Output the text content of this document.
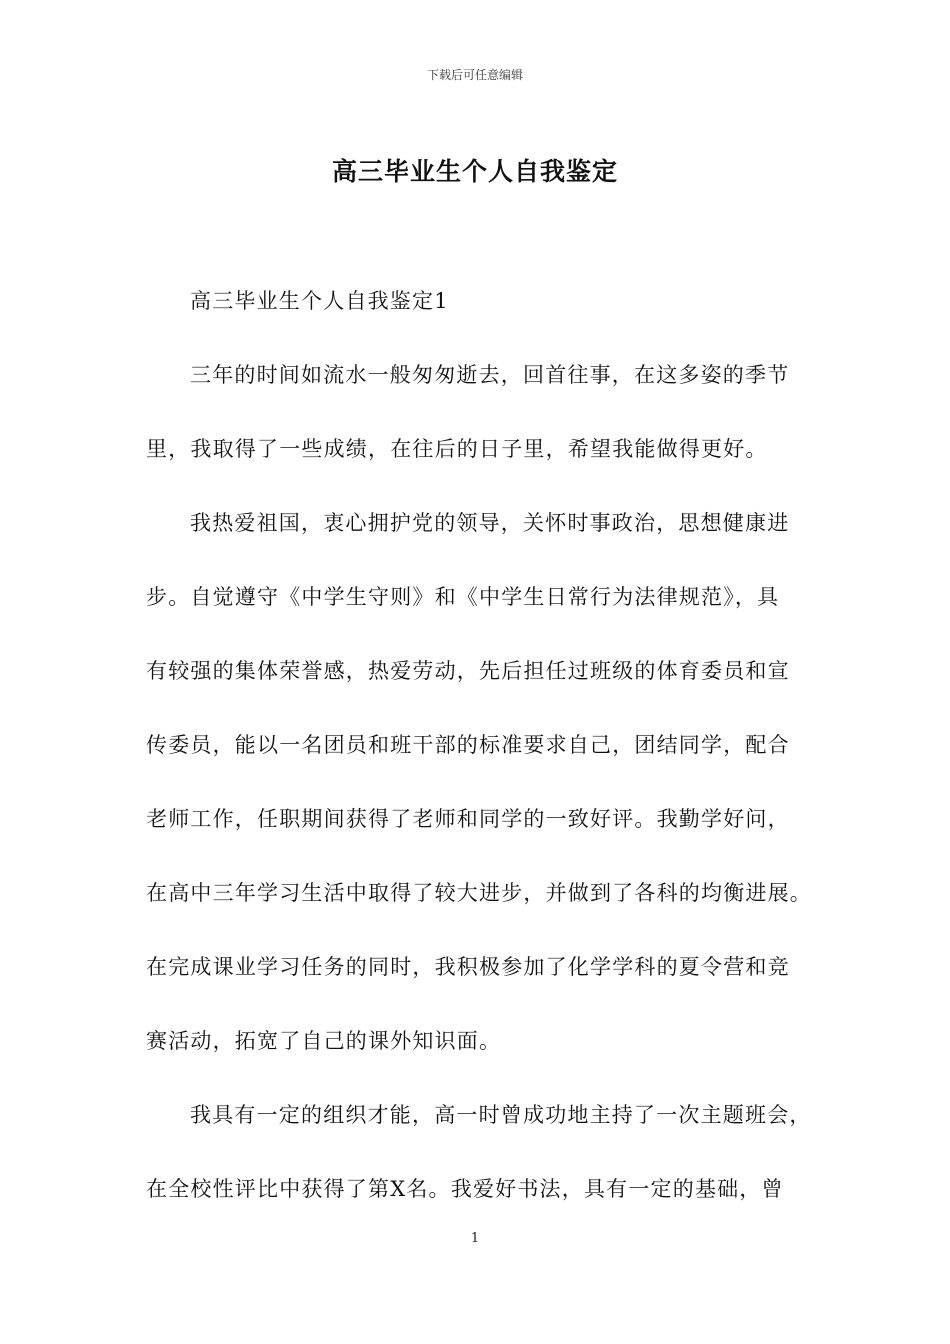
下载后可任意编辑
高三毕业生个人自我鉴定
高三毕业生个人自我鉴定1
三年的时间如流水一般匆匆逝去，回首往事，在这多姿的季节
里，我取得了一些成绩，在往后的日子里，希望我能做得更好。
我热爱祖国，衷心拥护党的领导，关怀时事政治，思想健康进
步。自觉遵守《中学生守则》和《中学生日常行为法律规范》，具
有较强的集体荣誉感，热爱劳动，先后担任过班级的体育委员和宣
传委员，能以一名团员和班干部的标准要求自己，团结同学，配合
老师工作，任职期间获得了老师和同学的一致好评。我勤学好问，
在高中三年学习生活中取得了较大进步，并做到了各科的均衡进展。
在完成课业学习任务的同时，我积极参加了化学学科的夏令营和竞
赛活动，拓宽了自己的课外知识面。
我具有一定的组织才能，高一时曾成功地主持了一次主题班会，
在全校性评比中获得了第X名。我爱好书法，具有一定的基础，曾
1
